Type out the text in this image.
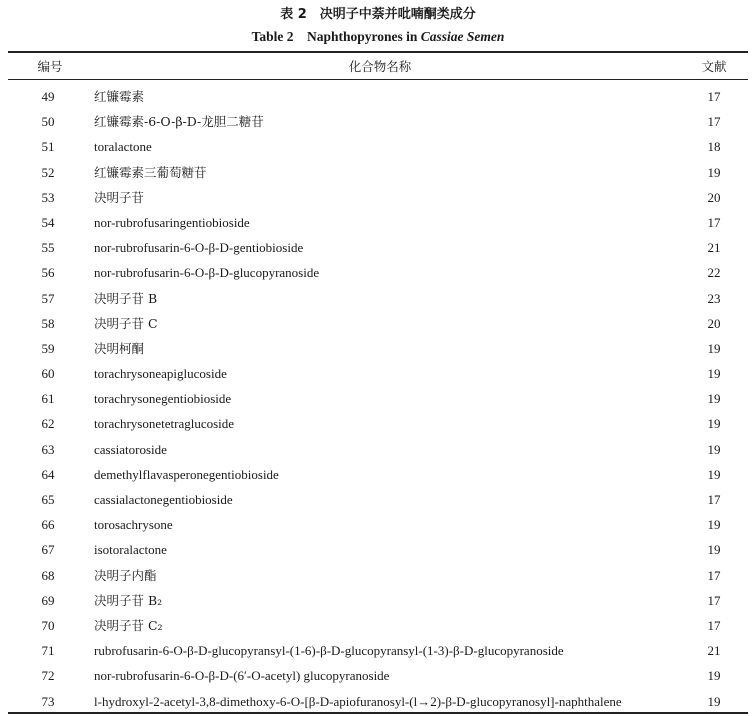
表 2　决明子中萘并吡喃酮类成分
Table 2　Naphthopyrones in Cassiae Semen
编号	化合物名称	文献
49	红镰霉素	17
50	红镰霉素-6-O-β-D-龙胆二糖苷	17
51	toralactone	18
52	红镰霉素三葡萄糖苷	19
53	决明子苷	20
54	nor-rubrofusaringentiobioside	17
55	nor-rubrofusarin-6-O-β-D-gentiobioside	21
56	nor-rubrofusarin-6-O-β-D-glucopyranoside	22
57	决明子苷 B	23
58	决明子苷 C	20
59	决明柯酮	19
60	torachrysoneapiglucoside	19
61	torachrysonegentiobioside	19
62	torachrysonetetraglucoside	19
63	cassiatoroside	19
64	demethylflavasperonegentiobioside	19
65	cassialactonegentiobioside	17
66	torosachrysone	19
67	isotoralactone	19
68	决明子内酯	17
69	决明子苷 B₂	17
70	决明子苷 C₂	17
71	rubrofusarin-6-O-β-D-glucopyransyl-(1-6)-β-D-glucopyransyl-(1-3)-β-D-glucopyranoside	21
72	nor-rubrofusarin-6-O-β-D-(6′-O-acetyl) glucopyranoside	19
73	l-hydroxyl-2-acetyl-3,8-dimethoxy-6-O-[β-D-apiofuranosyl-(l→2)-β-D-glucopyranosyl]-naphthalene	19
